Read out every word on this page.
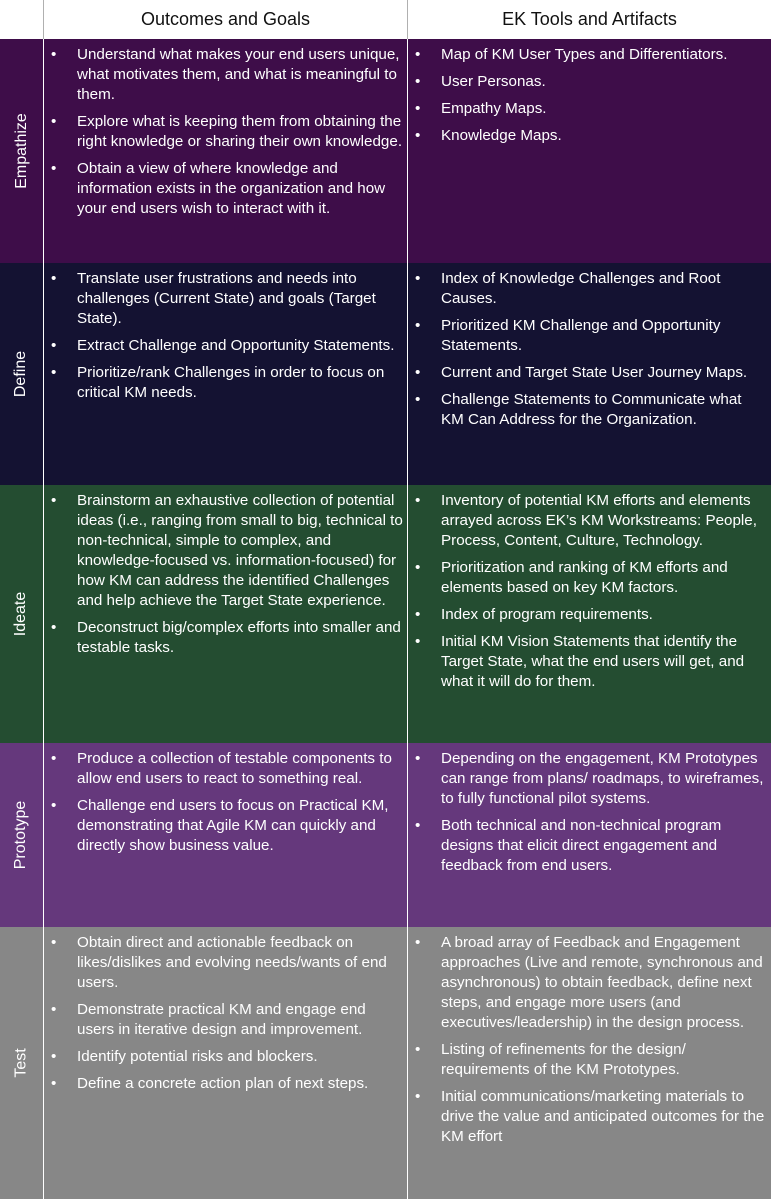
Outcomes and Goals	EK Tools and Artifacts
Empathize
• Understand what makes your end users unique, what motivates them, and what is meaningful to them.
• Explore what is keeping them from obtaining the right knowledge or sharing their own knowledge.
• Obtain a view of where knowledge and information exists in the organization and how your end users wish to interact with it.
• Map of KM User Types and Differentiators.
• User Personas.
• Empathy Maps.
• Knowledge Maps.
Define
• Translate user frustrations and needs into challenges (Current State) and goals (Target State).
• Extract Challenge and Opportunity Statements.
• Prioritize/rank Challenges in order to focus on critical KM needs.
• Index of Knowledge Challenges and Root Causes.
• Prioritized KM Challenge and Opportunity Statements.
• Current and Target State User Journey Maps.
• Challenge Statements to Communicate what KM Can Address for the Organization.
Ideate
• Brainstorm an exhaustive collection of potential ideas (i.e., ranging from small to big, technical to non-technical, simple to complex, and knowledge-focused vs. information-focused) for how KM can address the identified Challenges and help achieve the Target State experience.
• Deconstruct big/complex efforts into smaller and testable tasks.
• Inventory of potential KM efforts and elements arrayed across EK’s KM Workstreams: People, Process, Content, Culture, Technology.
• Prioritization and ranking of KM efforts and elements based on key KM factors.
• Index of program requirements.
• Initial KM Vision Statements that identify the Target State, what the end users will get, and what it will do for them.
Prototype
• Produce a collection of testable components to allow end users to react to something real.
• Challenge end users to focus on Practical KM, demonstrating that Agile KM can quickly and directly show business value.
• Depending on the engagement, KM Prototypes can range from plans/ roadmaps, to wireframes, to fully functional pilot systems.
• Both technical and non-technical program designs that elicit direct engagement and feedback from end users.
Test
• Obtain direct and actionable feedback on likes/dislikes and evolving needs/wants of end users.
• Demonstrate practical KM and engage end users in iterative design and improvement.
• Identify potential risks and blockers.
• Define a concrete action plan of next steps.
• A broad array of Feedback and Engagement approaches (Live and remote, synchronous and asynchronous) to obtain feedback, define next steps, and engage more users (and executives/leadership) in the design process.
• Listing of refinements for the design/ requirements of the KM Prototypes.
• Initial communications/marketing materials to drive the value and anticipated outcomes for the KM effort
